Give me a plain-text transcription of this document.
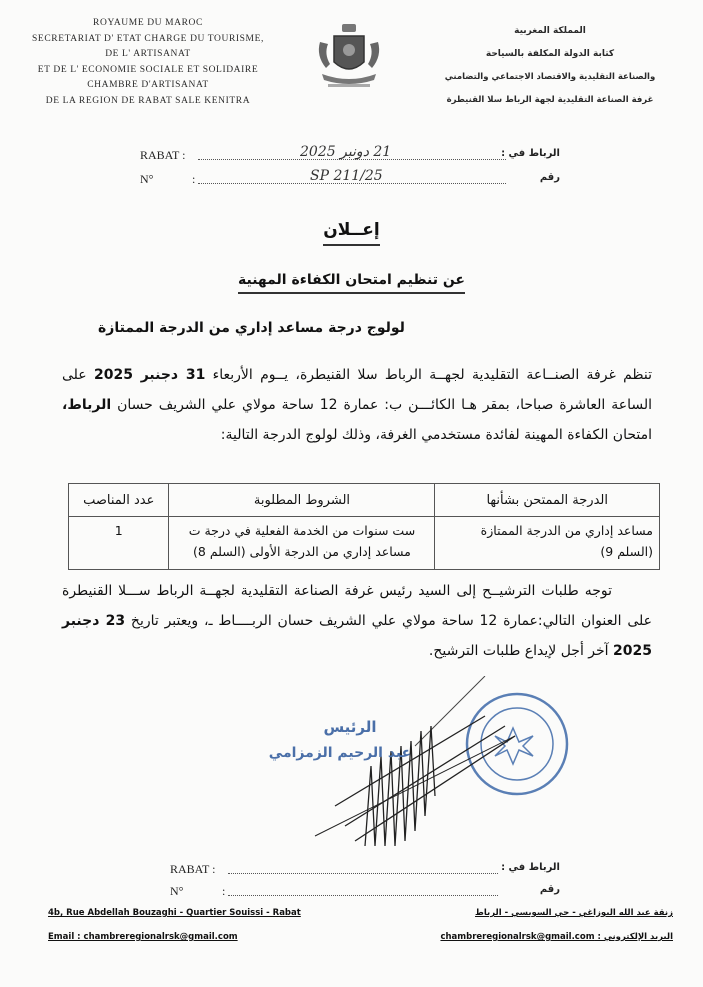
ROYAUME DU MAROC
SECRETARIAT D' ETAT CHARGE DU TOURISME,
DE L' ARTISANAT
ET DE L' ECONOMIE SOCIALE ET SOLIDAIRE
CHAMBRE D'ARTISANAT
DE LA REGION DE RABAT SALE KENITRA
المملكة المغربية
كتابة الدولة المكلفة بالسياحة
والصناعة التقليدية والاقتصاد الاجتماعي والتضامني
غرفة الصناعة التقليدية لجهة الرباط سلا القنيطرة
RABAT :	21 دونبر 2025	الرباط في :
N°	:	SP 211/25	رقم
إعــلان
عن تنظيم امتحان الكفاءة المهنية
لولوج درجة مساعد إداري من الدرجة الممتازة
تنظم غرفة الصنــاعة التقليدية لجهــة الرباط سلا القنيطرة، يــوم الأربعاء 31 دجنبر 2025 على الساعة العاشرة صباحا، بمقر هـا الكائـــن ب: عمارة 12 ساحة مولاي علي الشريف حسان الرباط، امتحان الكفاءة المهينة لفائدة مستخدمي الغرفة، وذلك لولوج الدرجة التالية:
الدرجة الممتحن بشأنها	الشروط المطلوبة	عدد المناصب
مساعد إداري من الدرجة الممتازة (السلم 9)	ست سنوات من الخدمة الفعلية في درجة ت مساعد إداري من الدرجة الأولى (السلم 8)	1
توجه طلبات الترشيــح إلى السيد رئيس غرفة الصناعة التقليدية لجهــة الرباط ســـلا القنيطرة على العنوان التالي:عمارة 12 ساحة مولاي علي الشريف حسان الربــــاط ـ، ويعتبر تاريخ 23 دجنبر 2025 آخر أجل لإيداع طلبات الترشيح.
الرئيس
عبد الرحيم الزمزامي
RABAT :	الرباط في :
N°	:	رقم
4b, Rue Abdellah Bouzaghi - Quartier Souissi - Rabat
Email : chambreregionalrsk@gmail.com
زنقة عبد الله البوزاغي - حي السويسي - الرباط
البريد الإلكتروني : chambreregionalrsk@gmail.com
